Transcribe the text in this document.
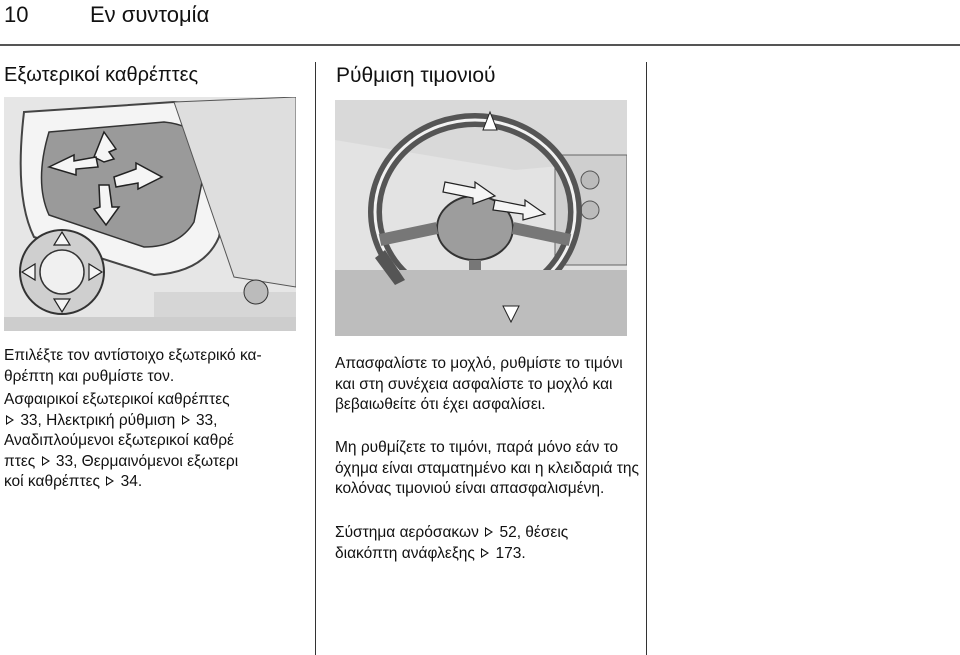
10	Εν συντομία
Εξωτερικοί καθρέπτες
Επιλέξτε τον αντίστοιχο εξωτερικό καθρέπτη και ρυθμίστε τον.
Ασφαιρικοί εξωτερικοί καθρέπτες
33, Ηλεκτρική ρύθμιση 33,
Αναδιπλούμενοι εξωτερικοί καθρέ
πτες 33, Θερμαινόμενοι εξωτερι
κοί καθρέπτες 34.
Ρύθμιση τιμονιού
Απασφαλίστε το μοχλό, ρυθμίστε το τιμόνι και στη συνέχεια ασφαλίστε το μοχλό και βεβαιωθείτε ότι έχει ασφαλίσει.
Μη ρυθμίζετε το τιμόνι, παρά μόνο εάν το όχημα είναι σταματημένο και η κλειδαριά της κολόνας τιμονιού είναι απασφαλισμένη.
Σύστημα αερόσακων 52, θέσεις
διακόπτη ανάφλεξης 173.
